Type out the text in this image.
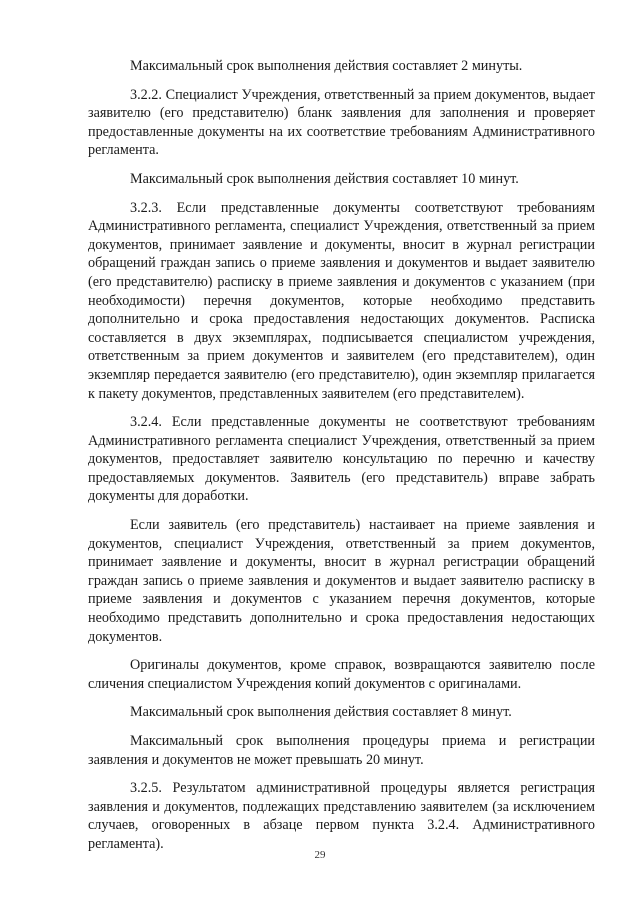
Максимальный срок выполнения действия составляет 2 минуты.

3.2.2. Специалист Учреждения, ответственный за прием документов, выдает заявителю (его представителю) бланк заявления для заполнения и проверяет предоставленные документы на их соответствие требованиям Административного регламента.

Максимальный срок выполнения действия составляет 10 минут.

3.2.3. Если представленные документы соответствуют требованиям Административного регламента, специалист Учреждения, ответственный за прием документов, принимает заявление и документы, вносит в журнал регистрации обращений граждан запись о приеме заявления и документов и выдает заявителю (его представителю) расписку в приеме заявления и документов с указанием (при необходимости) перечня документов, которые необходимо представить дополнительно и срока предоставления недостающих документов. Расписка составляется в двух экземплярах, подписывается специалистом учреждения, ответственным за прием документов и заявителем (его представителем), один экземпляр передается заявителю (его представителю), один экземпляр прилагается к пакету документов, представленных заявителем (его представителем).

3.2.4. Если представленные документы не соответствуют требованиям Административного регламента специалист Учреждения, ответственный за прием документов, предоставляет заявителю консультацию по перечню и качеству предоставляемых документов. Заявитель (его представитель) вправе забрать документы для доработки.

Если заявитель (его представитель) настаивает на приеме заявления и документов, специалист Учреждения, ответственный за прием документов, принимает заявление и документы, вносит в журнал регистрации обращений граждан запись о приеме заявления и документов и выдает заявителю расписку в приеме заявления и документов с указанием перечня документов, которые необходимо представить дополнительно и срока предоставления недостающих документов.

Оригиналы документов, кроме справок, возвращаются заявителю после сличения специалистом Учреждения копий документов с оригиналами.

Максимальный срок выполнения действия составляет 8 минут.

Максимальный срок выполнения процедуры приема и регистрации заявления и документов не может превышать 20 минут.

3.2.5. Результатом административной процедуры является регистрация заявления и документов, подлежащих представлению заявителем (за исключением случаев, оговоренных в абзаце первом пункта 3.2.4. Административного регламента).

29
